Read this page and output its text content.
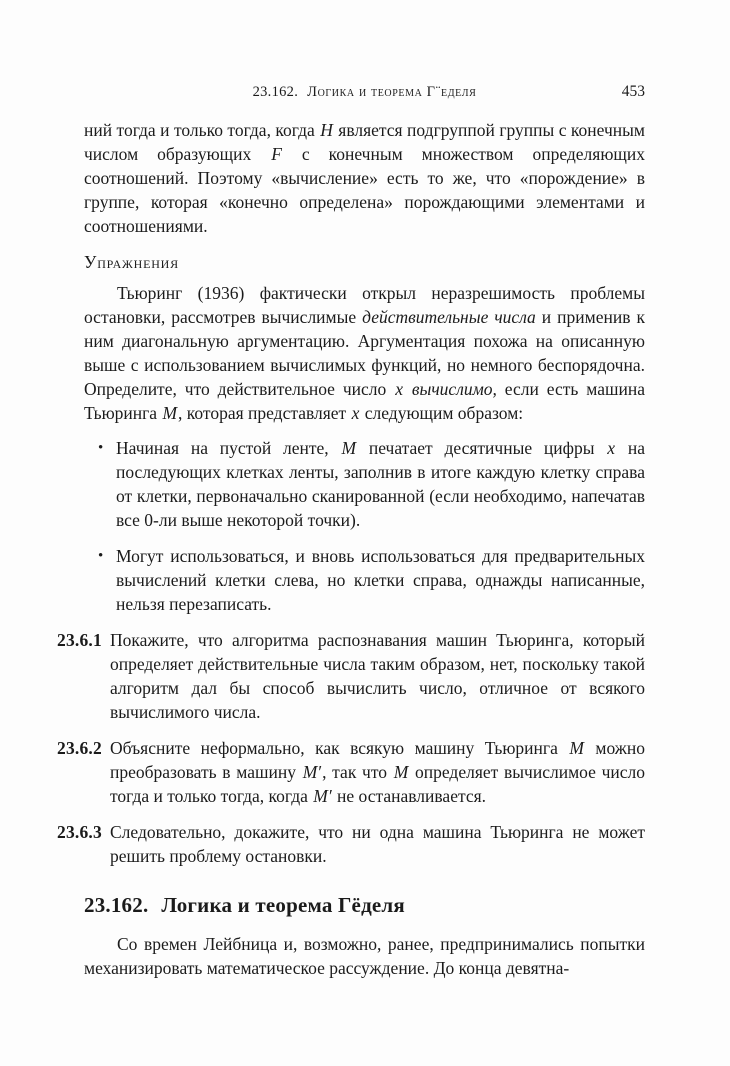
23.162. Логика и теорема Г¨еделя	453

ний тогда и только тогда, когда H является подгруппой группы с конечным числом образующих F с конечным множеством определяющих соотношений. Поэтому «вычисление» есть то же, что «порождение» в группе, которая «конечно определена» порождающими элементами и соотношениями.

Упражнения

Тьюринг (1936) фактически открыл неразрешимость проблемы остановки, рассмотрев вычислимые действительные числа и применив к ним диагональную аргументацию. Аргументация похожа на описанную выше с использованием вычислимых функций, но немного беспорядочна. Определите, что действительное число x вычислимо, если есть машина Тьюринга M, которая представляет x следующим образом:

• Начиная на пустой ленте, M печатает десятичные цифры x на последующих клетках ленты, заполнив в итоге каждую клетку справа от клетки, первоначально сканированной (если необходимо, напечатав все 0-ли выше некоторой точки).
• Могут использоваться, и вновь использоваться для предварительных вычислений клетки слева, но клетки справа, однажды написанные, нельзя перезаписать.
23.6.1 Покажите, что алгоритма распознавания машин Тьюринга, который определяет действительные числа таким образом, нет, поскольку такой алгоритм дал бы способ вычислить число, отличное от всякого вычислимого числа.
23.6.2 Объясните неформально, как всякую машину Тьюринга M можно преобразовать в машину M′, так что M определяет вычислимое число тогда и только тогда, когда M′ не останавливается.
23.6.3 Следовательно, докажите, что ни одна машина Тьюринга не может решить проблему остановки.
23.162. Логика и теорема Гёделя

Со времен Лейбница и, возможно, ранее, предпринимались попытки механизировать математическое рассуждение. До конца девятна-
